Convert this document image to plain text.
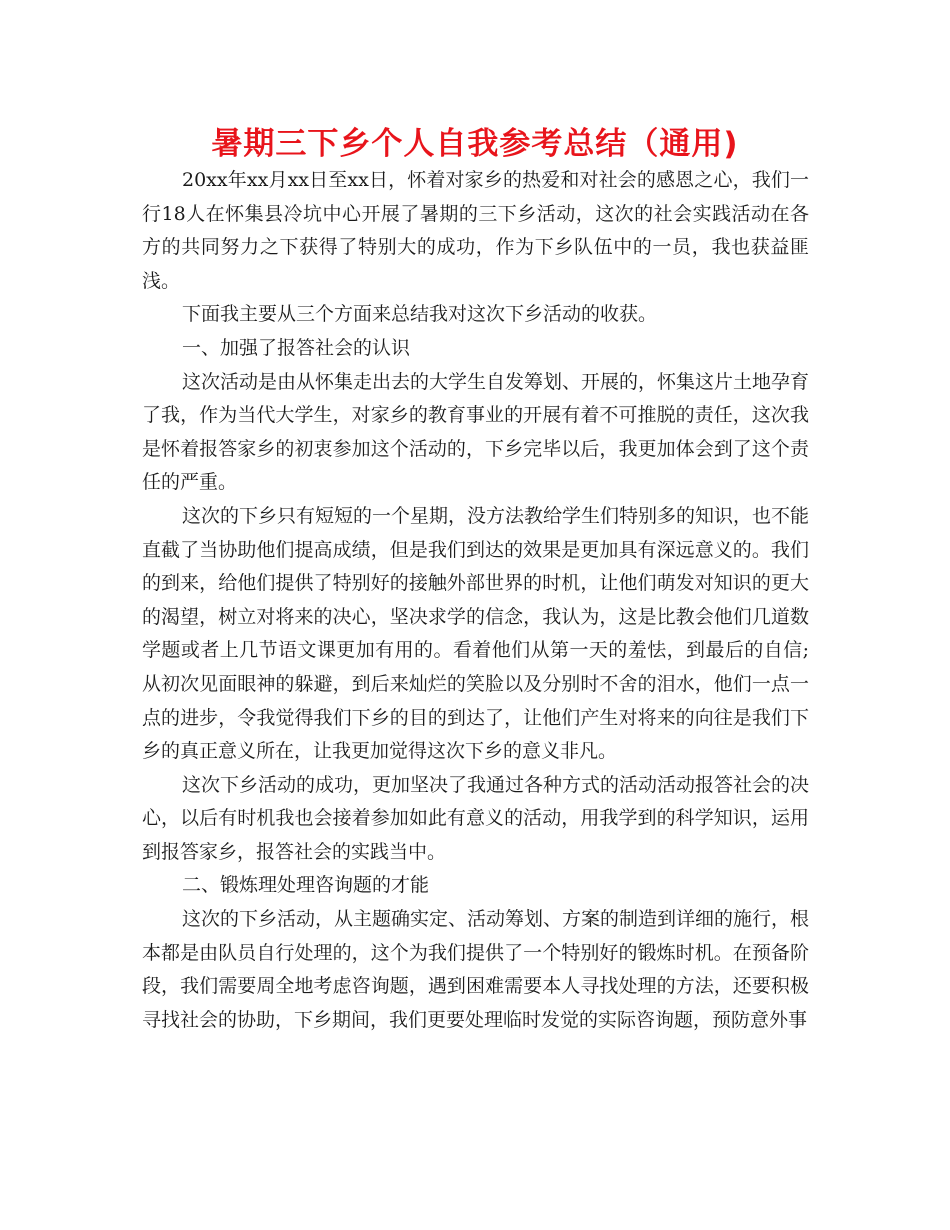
暑期三下乡个人自我参考总结（通用)

20xx年xx月xx日至xx日，怀着对家乡的热爱和对社会的感恩之心，我们一行18人在怀集县冷坑中心开展了暑期的三下乡活动，这次的社会实践活动在各方的共同努力之下获得了特别大的成功，作为下乡队伍中的一员，我也获益匪浅。

下面我主要从三个方面来总结我对这次下乡活动的收获。

一、加强了报答社会的认识

这次活动是由从怀集走出去的大学生自发筹划、开展的，怀集这片土地孕育了我，作为当代大学生，对家乡的教育事业的开展有着不可推脱的责任，这次我是怀着报答家乡的初衷参加这个活动的，下乡完毕以后，我更加体会到了这个责任的严重。

这次的下乡只有短短的一个星期，没方法教给学生们特别多的知识，也不能直截了当协助他们提高成绩，但是我们到达的效果是更加具有深远意义的。我们的到来，给他们提供了特别好的接触外部世界的时机，让他们萌发对知识的更大的渴望，树立对将来的决心，坚决求学的信念，我认为，这是比教会他们几道数学题或者上几节语文课更加有用的。看着他们从第一天的羞怯，到最后的自信;从初次见面眼神的躲避，到后来灿烂的笑脸以及分别时不舍的泪水，他们一点一点的进步，令我觉得我们下乡的目的到达了，让他们产生对将来的向往是我们下乡的真正意义所在，让我更加觉得这次下乡的意义非凡。

这次下乡活动的成功，更加坚决了我通过各种方式的活动活动报答社会的决心，以后有时机我也会接着参加如此有意义的活动，用我学到的科学知识，运用到报答家乡，报答社会的实践当中。

二、锻炼理处理咨询题的才能

这次的下乡活动，从主题确实定、活动筹划、方案的制造到详细的施行，根本都是由队员自行处理的，这个为我们提供了一个特别好的锻炼时机。在预备阶段，我们需要周全地考虑咨询题，遇到困难需要本人寻找处理的方法，还要积极寻找社会的协助，下乡期间，我们更要处理临时发觉的实际咨询题，预防意外事
